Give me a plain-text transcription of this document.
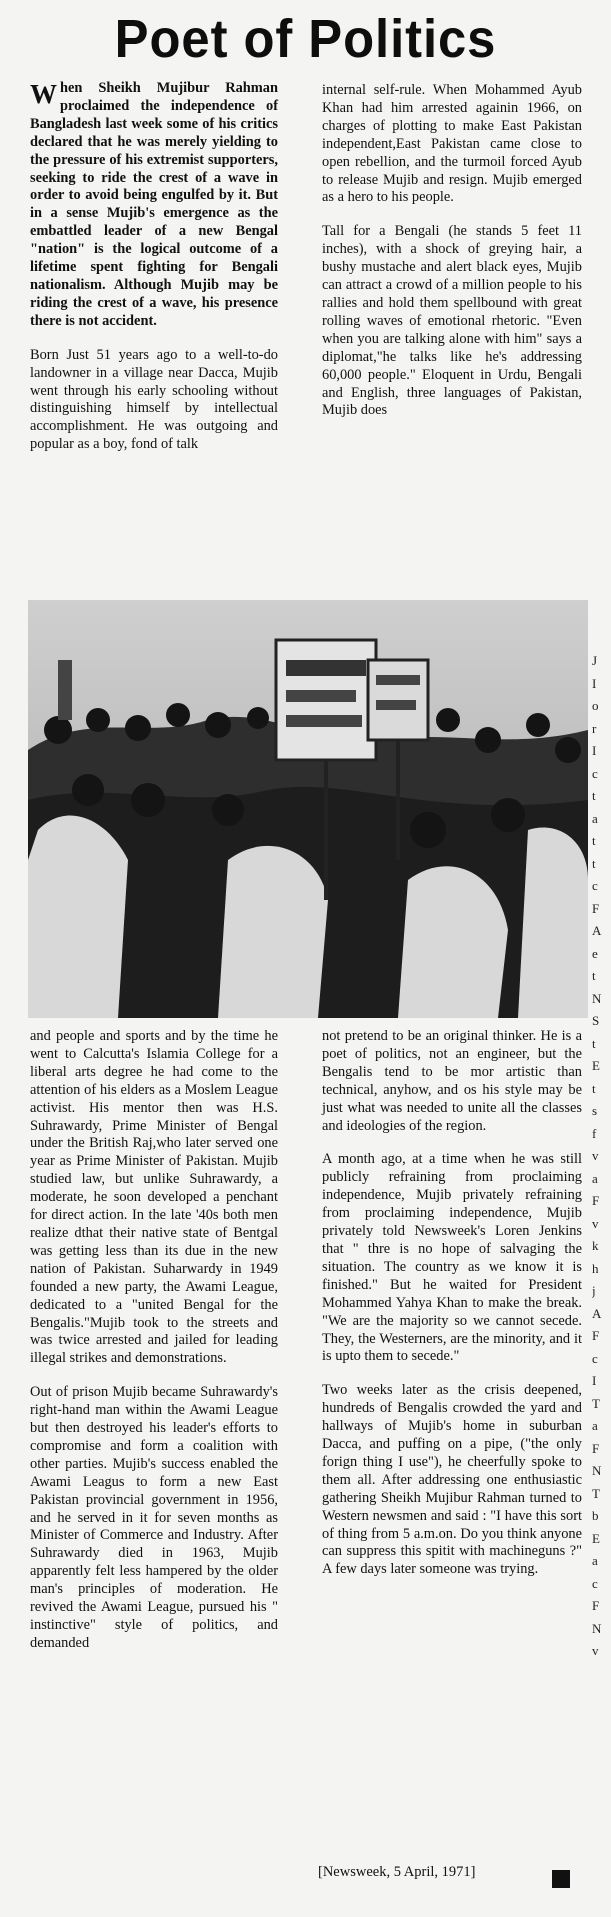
Poet of Politics

When Sheikh Mujibur Rahman proclaimed the independence of Bangladesh last week some of his critics declared that he was merely yielding to the pressure of his extremist supporters, seeking to ride the crest of a wave in order to avoid being engulfed by it. But in a sense Mujib's emergence as the embattled leader of a new Bengal "nation" is the logical outcome of a lifetime spent fighting for Bengali nationalism. Although Mujib may be riding the crest of a wave, his presence there is not accident.

Born Just 51 years ago to a well-to-do landowner in a village near Dacca, Mujib went through his early schooling without distinguishing himself by intellectual accomplishment. He was outgoing and popular as a boy, fond of talk

internal self-rule. When Mohammed Ayub Khan had him arrested againin 1966, on charges of plotting to make East Pakistan independent,East Pakistan came close to open rebellion, and the turmoil forced Ayub to release Mujib and resign. Mujib emerged as a hero to his people.

Tall for a Bengali (he stands 5 feet 11 inches), with a shock of greying hair, a bushy mustache and alert black eyes, Mujib can attract a crowd of a million people to his rallies and hold them spellbound with great rolling waves of emotional rhetoric. "Even when you are talking alone with him" says a diplomat,"he talks like he's addressing 60,000 people." Eloquent in Urdu, Bengali and English, three languages of Pakistan, Mujib does

and people and sports and by the time he went to Calcutta's Islamia College for a liberal arts degree he had come to the attention of his elders as a Moslem League activist. His mentor then was H.S. Suhrawardy, Prime Minister of Bengal under the British Raj,who later served one year as Prime Minister of Pakistan. Mujib studied law, but unlike Suhrawardy, a moderate, he soon developed a penchant for direct action. In the late '40s both men realize dthat their native state of Bentgal was getting less than its due in the new nation of Pakistan. Suharwardy in 1949 founded a new party, the Awami League, dedicated to a "united Bengal for the Bengalis."Mujib took to the streets and was twice arrested and jailed for leading illegal strikes and demonstrations.

Out of prison Mujib became Suhrawardy's right-hand man within the Awami League but then destroyed his leader's efforts to compromise and form a coalition with other parties. Mujib's success enabled the Awami Leagus to form a new East Pakistan provincial government in 1956, and he served in it for seven months as Minister of Commerce and Industry. After Suhrawardy died in 1963, Mujib apparently felt less hampered by the older man's principles of moderation. He revived the Awami League, pursued his " instinctive" style of politics, and demanded

not pretend to be an original thinker. He is a poet of politics, not an engineer, but the Bengalis tend to be mor artistic than technical, anyhow, and os his style may be just what was needed to unite all the classes and ideologies of the region.

A month ago, at a time when he was still publicly refraining from proclaiming independence, Mujib privately refraining from proclaiming independence, Mujib privately told Newsweek's Loren Jenkins that " thre is no hope of salvaging the situation. The country as we know it is finished." But he waited for President Mohammed Yahya Khan to make the break. "We are the majority so we cannot secede. They, the Westerners, are the minority, and it is upto them to secede."

Two weeks later as the crisis deepened, hundreds of Bengalis crowded the yard and hallways of Mujib's home in suburban Dacca, and puffing on a pipe, ("the only forign thing I use"), he cheerfully spoke to them all. After addressing one enthusiastic gathering Sheikh Mujibur Rahman turned to Western newsmen and said : "I have this sort of thing from 5 a.m.on. Do you think anyone can suppress this spitit with machineguns ?" A few days later someone was trying.

[Newsweek, 5 April, 1971]
J
I
o
r
I
c
t
a
t
t
c
F
A
e
t
N
S
t
E
t
s
f
v
a
F
v
k
h
j
A
F
c
I
T
a
F
N
T
b
E
a
c
F
N
v
